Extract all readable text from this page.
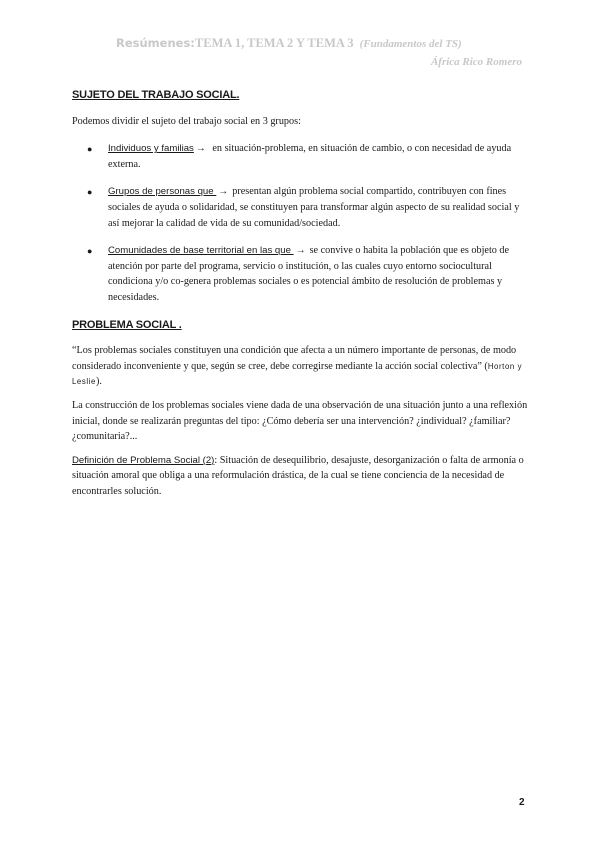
Resúmenes:TEMA 1, TEMA 2 Y TEMA 3 (Fundamentos del TS)
África Rico Romero

SUJETO DEL TRABAJO SOCIAL.

Podemos dividir el sujeto del trabajo social en 3 grupos:

● Individuos y familias → en situación-problema, en situación de cambio, o con necesidad de ayuda externa.
● Grupos de personas que → presentan algún problema social compartido, contribuyen con fines sociales de ayuda o solidaridad, se constituyen para transformar algún aspecto de su realidad social y así mejorar la calidad de vida de su comunidad/sociedad.
● Comunidades de base territorial en las que → se convive o habita la población que es objeto de atención por parte del programa, servicio o institución, o las cuales cuyo entorno sociocultural condiciona y/o co-genera problemas sociales o es potencial ámbito de resolución de problemas y necesidades.

PROBLEMA SOCIAL .

“Los problemas sociales constituyen una condición que afecta a un número importante de personas, de modo considerado inconveniente y que, según se cree, debe corregirse mediante la acción social colectiva” (Horton y Leslie).

La construcción de los problemas sociales viene dada de una observación de una situación junto a una reflexión inicial, donde se realizarán preguntas del tipo: ¿Cómo debería ser una intervención? ¿individual? ¿familiar? ¿comunitaria?...

Definición de Problema Social (2): Situación de desequilibrio, desajuste, desorganización o falta de armonía o situación amoral que obliga a una reformulación drástica, de la cual se tiene conciencia de la necesidad de encontrarles solución.

2
